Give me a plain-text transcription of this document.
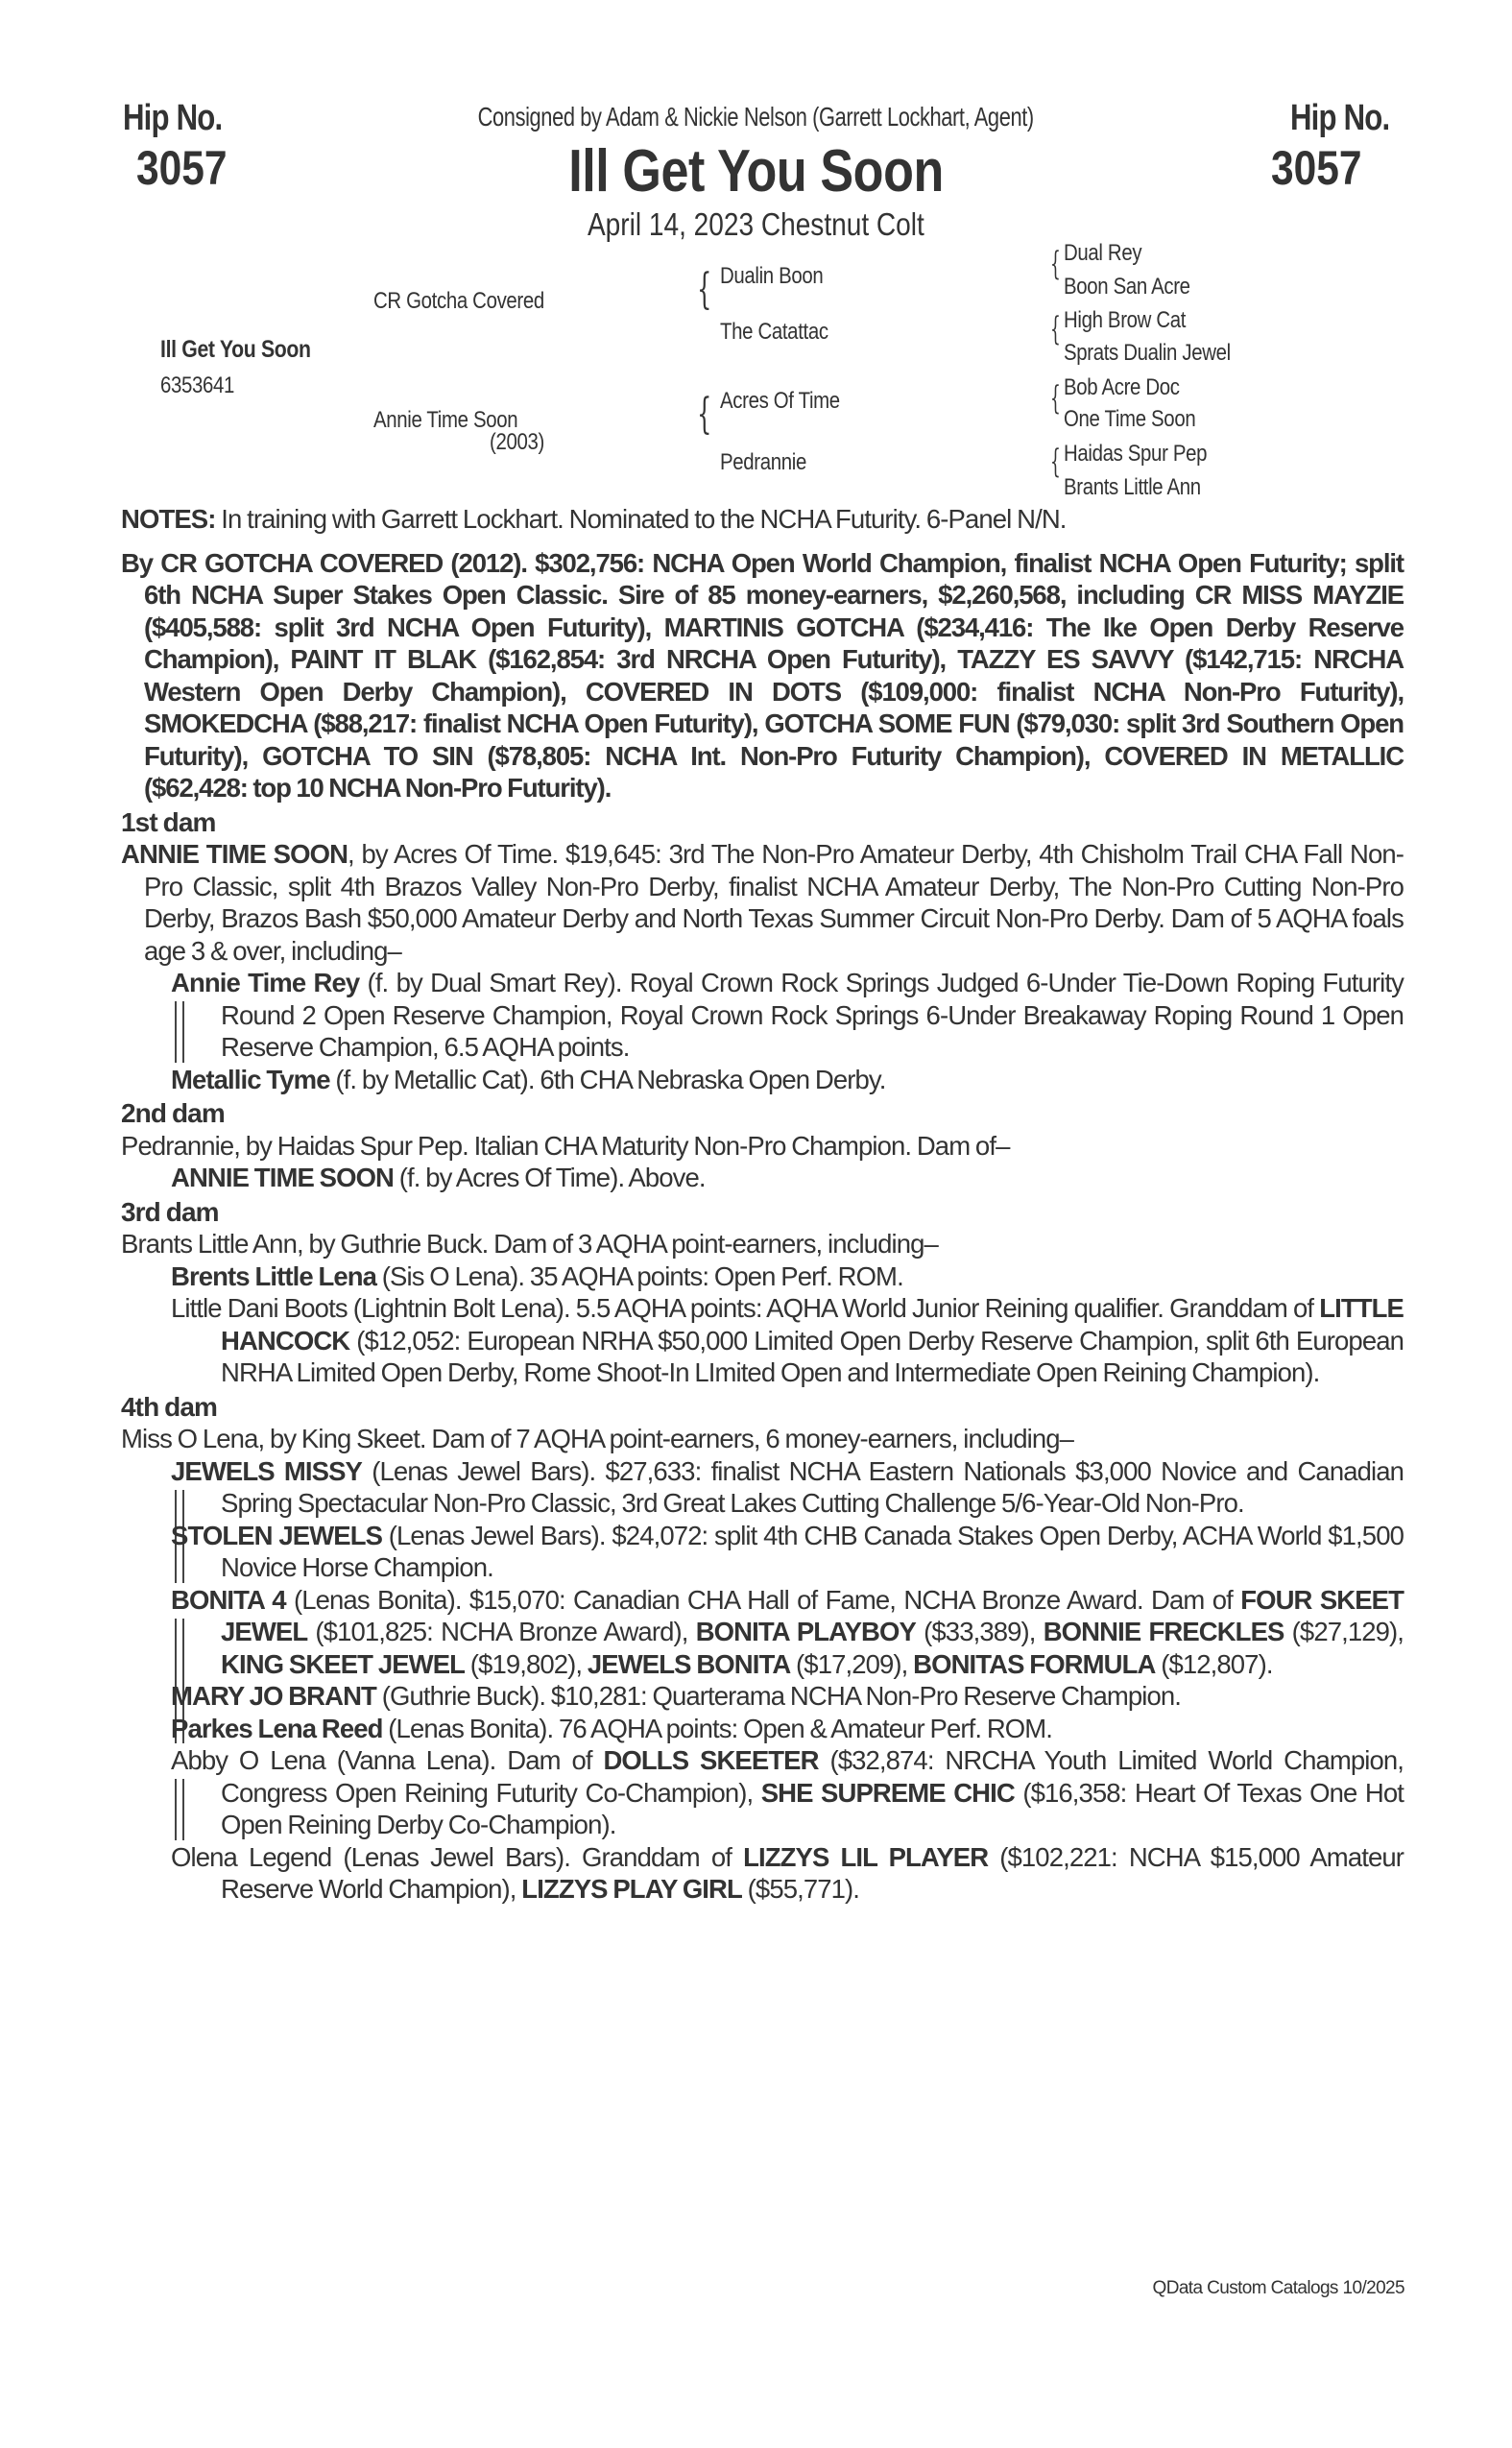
Hip No.
3057
Hip No.
3057
Consigned by Adam & Nickie Nelson (Garrett Lockhart, Agent)
Ill Get You Soon
April 14, 2023 Chestnut Colt
Ill Get You Soon
6353641
CR Gotcha Covered
Annie Time Soon
(2003)
{
{
Dualin Boon
The Catattac
Acres Of Time
Pedrannie
{
{
{
{
Dual Rey
Boon San Acre
High Brow Cat
Sprats Dualin Jewel
Bob Acre Doc
One Time Soon
Haidas Spur Pep
Brants Little Ann
NOTES: In training with Garrett Lockhart. Nominated to the NCHA Futurity. 6-Panel N/N.
By CR GOTCHA COVERED (2012). $302,756: NCHA Open World Champion, finalist NCHA Open Futurity; split 6th NCHA Super Stakes Open Classic. Sire of 85 money-earners, $2,260,568, including CR MISS MAYZIE ($405,588: split 3rd NCHA Open Futurity), MARTINIS GOTCHA ($234,416: The Ike Open Derby Reserve Champion), PAINT IT BLAK ($162,854: 3rd NRCHA Open Futurity), TAZZY ES SAVVY ($142,715: NRCHA Western Open Derby Champion), COVERED IN DOTS ($109,000: finalist NCHA Non-Pro Futurity), SMOKEDCHA ($88,217: finalist NCHA Open Futurity), GOTCHA SOME FUN ($79,030: split 3rd Southern Open Futurity), GOTCHA TO SIN ($78,805: NCHA Int. Non-Pro Futurity Champion), COVERED IN METALLIC ($62,428: top 10 NCHA Non-Pro Futurity).
1st dam
ANNIE TIME SOON, by Acres Of Time. $19,645: 3rd The Non-Pro Amateur Derby, 4th Chisholm Trail CHA Fall Non-Pro Classic, split 4th Brazos Valley Non-Pro Derby, finalist NCHA Amateur Derby, The Non-Pro Cutting Non-Pro Derby, Brazos Bash $50,000 Amateur Derby and North Texas Summer Circuit Non-Pro Derby. Dam of 5 AQHA foals age 3 & over, including–
Annie Time Rey (f. by Dual Smart Rey). Royal Crown Rock Springs Judged 6-Under Tie-Down Roping Futurity Round 2 Open Reserve Champion, Royal Crown Rock Springs 6-Under Breakaway Roping Round 1 Open Reserve Champion, 6.5 AQHA points.
Metallic Tyme (f. by Metallic Cat). 6th CHA Nebraska Open Derby.
2nd dam
Pedrannie, by Haidas Spur Pep. Italian CHA Maturity Non-Pro Champion. Dam of–
ANNIE TIME SOON (f. by Acres Of Time). Above.
3rd dam
Brants Little Ann, by Guthrie Buck. Dam of 3 AQHA point-earners, including–
Brents Little Lena (Sis O Lena). 35 AQHA points: Open Perf. ROM.
Little Dani Boots (Lightnin Bolt Lena). 5.5 AQHA points: AQHA World Junior Reining qualifier. Granddam of LITTLE HANCOCK ($12,052: European NRHA $50,000 Limited Open Derby Reserve Champion, split 6th European NRHA Limited Open Derby, Rome Shoot-In LImited Open and Intermediate Open Reining Champion).
4th dam
Miss O Lena, by King Skeet. Dam of 7 AQHA point-earners, 6 money-earners, including–
JEWELS MISSY (Lenas Jewel Bars). $27,633: finalist NCHA Eastern Nationals $3,000 Novice and Canadian Spring Spectacular Non-Pro Classic, 3rd Great Lakes Cutting Challenge 5/6-Year-Old Non-Pro.
STOLEN JEWELS (Lenas Jewel Bars). $24,072: split 4th CHB Canada Stakes Open Derby, ACHA World $1,500 Novice Horse Champion.
BONITA 4 (Lenas Bonita). $15,070: Canadian CHA Hall of Fame, NCHA Bronze Award. Dam of FOUR SKEET JEWEL ($101,825: NCHA Bronze Award), BONITA PLAYBOY ($33,389), BONNIE FRECKLES ($27,129), KING SKEET JEWEL ($19,802), JEWELS BONITA ($17,209), BONITAS FORMULA ($12,807).
MARY JO BRANT (Guthrie Buck). $10,281: Quarterama NCHA Non-Pro Reserve Champion.
Parkes Lena Reed (Lenas Bonita). 76 AQHA points: Open & Amateur Perf. ROM.
Abby O Lena (Vanna Lena). Dam of DOLLS SKEETER ($32,874: NRCHA Youth Limited World Champion, Congress Open Reining Futurity Co-Champion), SHE SUPREME CHIC ($16,358: Heart Of Texas One Hot Open Reining Derby Co-Champion).
Olena Legend (Lenas Jewel Bars). Granddam of LIZZYS LIL PLAYER ($102,221: NCHA $15,000 Amateur Reserve World Champion), LIZZYS PLAY GIRL ($55,771).
QData Custom Catalogs 10/2025
